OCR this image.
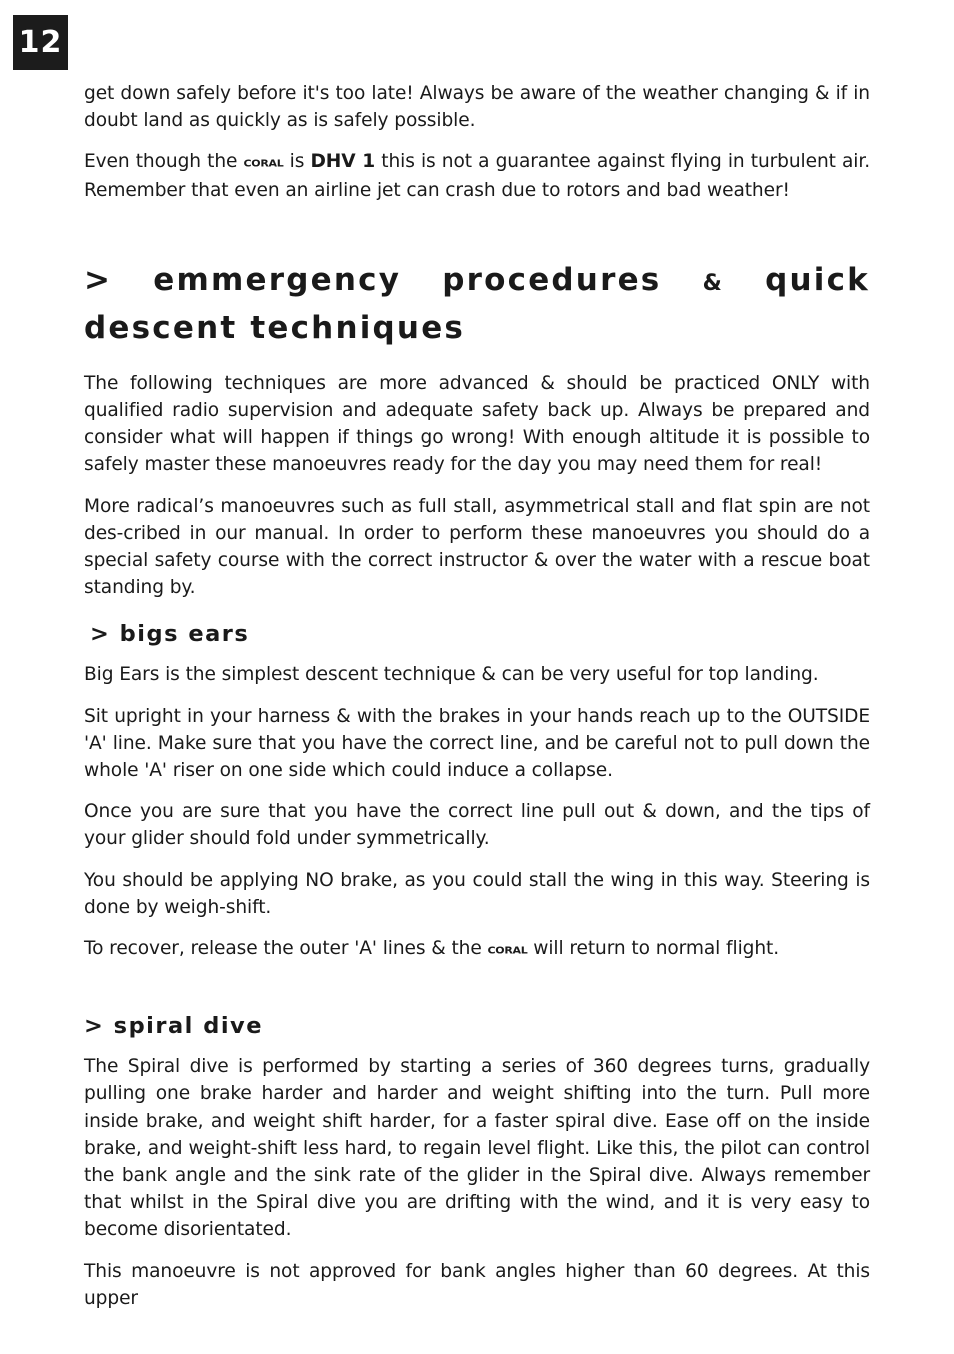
12

get down safely before it's too late! Always be aware of the weather changing & if in doubt land as quickly as is safely possible.

Even though the coral is DHV 1 this is not a guarantee against flying in turbulent air. Remember that even an airline jet can crash due to rotors and bad weather!

> emmergency procedures & quick descent techniques

The following techniques are more advanced & should be practiced ONLY with qualified radio supervision and adequate safety back up. Always be prepared and consider what will happen if things go wrong! With enough altitude it is possible to safely master these manoeuvres ready for the day you may need them for real!

More radical’s manoeuvres such as full stall, asymmetrical stall and flat spin are not des-cribed in our manual. In order to perform these manoeuvres you should do a special safety course with the correct instructor & over the water with a rescue boat standing by.

> bigs ears

Big Ears is the simplest descent technique & can be very useful for top landing.

Sit upright in your harness & with the brakes in your hands reach up to the OUTSIDE 'A' line. Make sure that you have the correct line, and be careful not to pull down the whole 'A' riser on one side which could induce a collapse.

Once you are sure that you have the correct line pull out & down, and the tips of your glider should fold under symmetrically.

You should be applying NO brake, as you could stall the wing in this way. Steering is done by weigh-shift.

To recover, release the outer 'A' lines & the coral will return to normal flight.

> spiral dive

The Spiral dive is performed by starting a series of 360 degrees turns, gradually pulling one brake harder and harder and weight shifting into the turn. Pull more inside brake, and weight shift harder, for a faster spiral dive. Ease off on the inside brake, and weight-shift less hard, to regain level flight. Like this, the pilot can control the bank angle and the sink rate of the glider in the Spiral dive. Always remember that whilst in the Spiral dive you are drifting with the wind, and it is very easy to become disorientated.

This manoeuvre is not approved for bank angles higher than 60 degrees. At this upper
